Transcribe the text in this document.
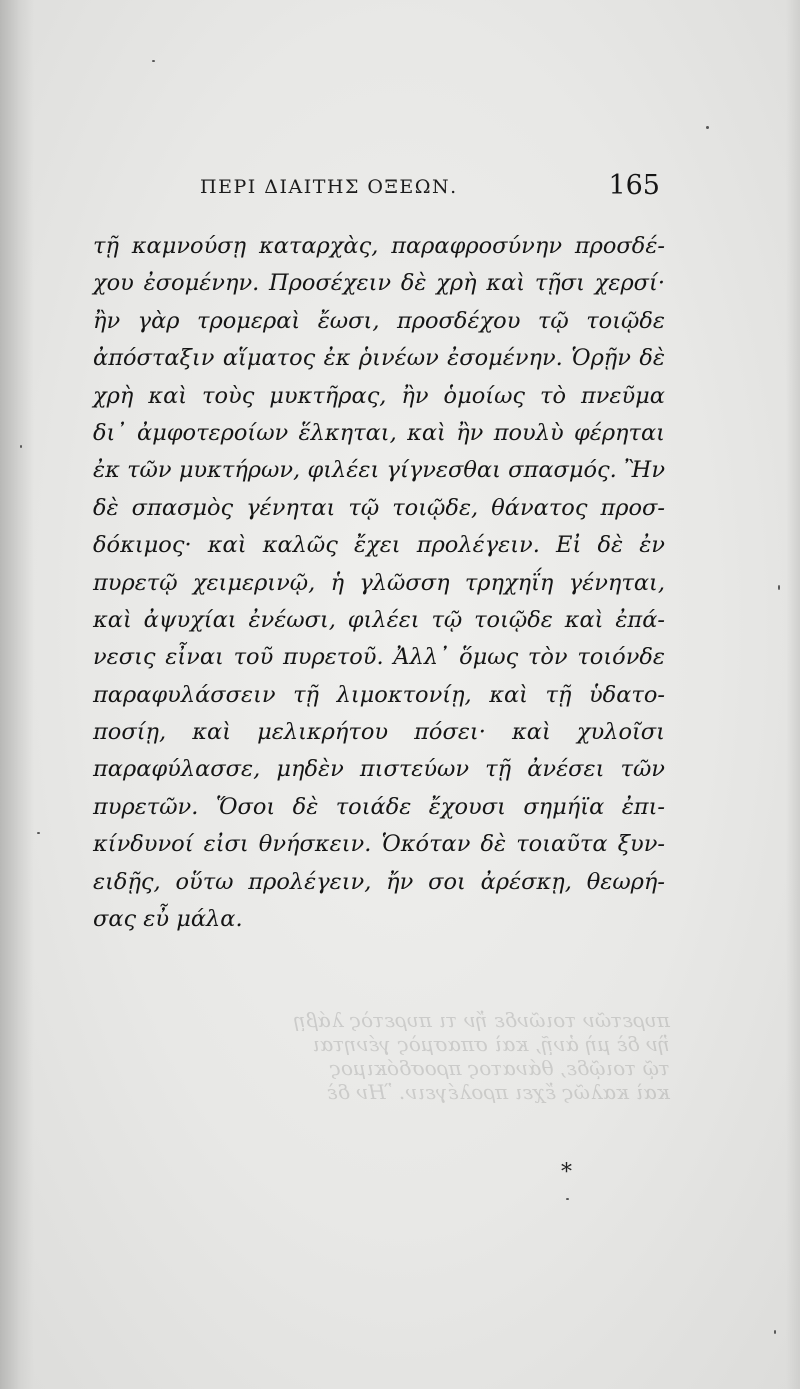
ΠΕΡΙ ΔΙΑΙΤΗΣ ΟΞΕΩΝ.	165
τῇ καμνούσῃ καταρχὰς, παραφροσύνην προσδέ-
χου ἐσομένην. Προσέχειν δὲ χρὴ καὶ τῇσι χερσί·
ἢν γὰρ τρομεραὶ ἔωσι, προσδέχου τῷ τοιῷδε
ἀπόσταξιν αἵματος ἐκ ῥινέων ἐσομένην. Ὁρῇν δὲ
χρὴ καὶ τοὺς μυκτῆρας, ἢν ὁμοίως τὸ πνεῦμα
δι᾽ ἀμφοτεροίων ἕλκηται, καὶ ἢν πουλὺ φέρηται
ἐκ τῶν μυκτήρων, φιλέει γίγνεσθαι σπασμός. Ἢν
δὲ σπασμὸς γένηται τῷ τοιῷδε, θάνατος προσ-
δόκιμος· καὶ καλῶς ἔχει προλέγειν. Εἰ δὲ ἐν
πυρετῷ χειμερινῷ, ἡ γλῶσση τρηχηΐη γένηται,
καὶ ἀψυχίαι ἐνέωσι, φιλέει τῷ τοιῷδε καὶ ἐπά-
νεσις εἶναι τοῦ πυρετοῦ. Ἀλλ᾽ ὅμως τὸν τοιόνδε
παραφυλάσσειν τῇ λιμοκτονίῃ, καὶ τῇ ὑδατο-
ποσίῃ, καὶ μελικρήτου πόσει· καὶ χυλοῖσι
παραφύλασσε, μηδὲν πιστεύων τῇ ἀνέσει τῶν
πυρετῶν. Ὅσοι δὲ τοιάδε ἔχουσι σημήϊα ἐπι-
κίνδυνοί εἰσι θνήσκειν. Ὁκόταν δὲ τοιαῦτα ξυν-
ειδῇς, οὕτω προλέγειν, ἤν σοι ἀρέσκῃ, θεωρή-
σας εὖ μάλα.
πυρετῶν τοιῶνδε ἤν τι πυρετὸς λάβῃ
ἢν δὲ μὴ ἀνῇ, καὶ σπασμὸς γένηται
τῷ τοιῷδε, θάνατος προσδόκιμος
καὶ καλῶς ἔχει προλέγειν. Ἢν δὲ
*
